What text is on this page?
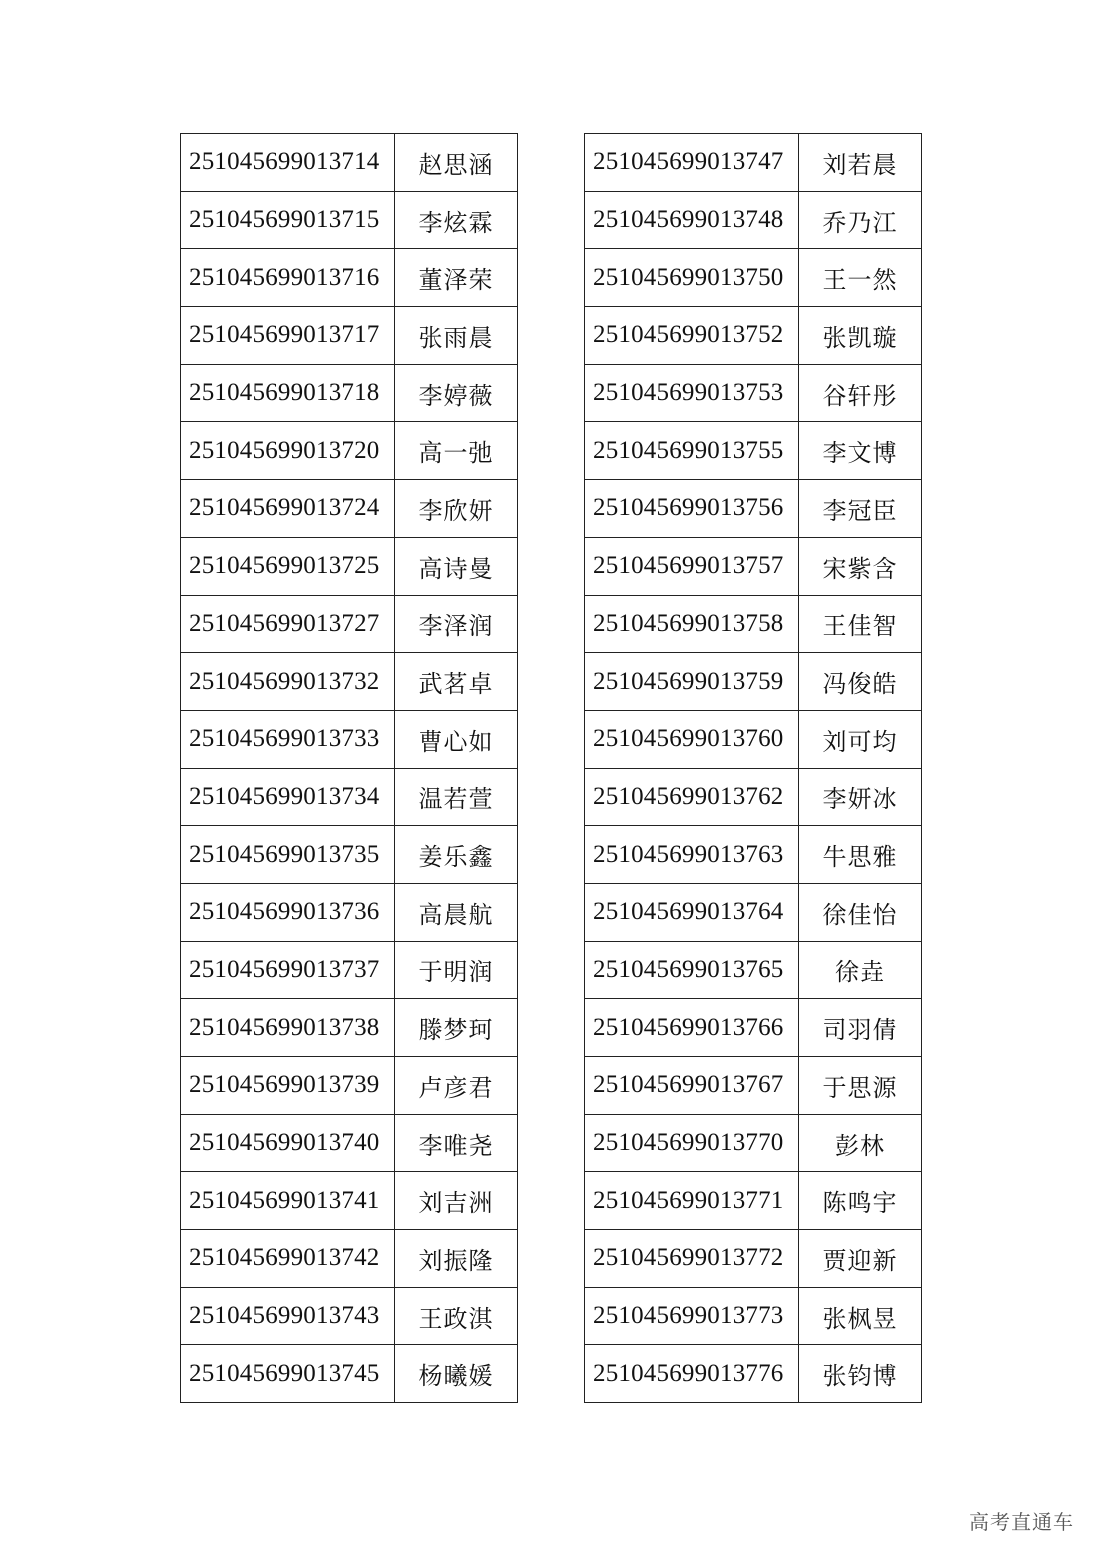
251045699013714	赵思涵
251045699013715	李炫霖
251045699013716	董泽荣
251045699013717	张雨晨
251045699013718	李婷薇
251045699013720	高一弛
251045699013724	李欣妍
251045699013725	高诗曼
251045699013727	李泽润
251045699013732	武茗卓
251045699013733	曹心如
251045699013734	温若萱
251045699013735	姜乐鑫
251045699013736	高晨航
251045699013737	于明润
251045699013738	滕梦珂
251045699013739	卢彦君
251045699013740	李唯尧
251045699013741	刘吉洲
251045699013742	刘振隆
251045699013743	王政淇
251045699013745	杨曦媛
251045699013747	刘若晨
251045699013748	乔乃江
251045699013750	王一然
251045699013752	张凯璇
251045699013753	谷轩彤
251045699013755	李文博
251045699013756	李冠臣
251045699013757	宋紫含
251045699013758	王佳智
251045699013759	冯俊皓
251045699013760	刘可均
251045699013762	李妍冰
251045699013763	牛思雅
251045699013764	徐佳怡
251045699013765	徐垚
251045699013766	司羽倩
251045699013767	于思源
251045699013770	彭林
251045699013771	陈鸣宇
251045699013772	贾迎新
251045699013773	张枫昱
251045699013776	张钧博
高考直通车
